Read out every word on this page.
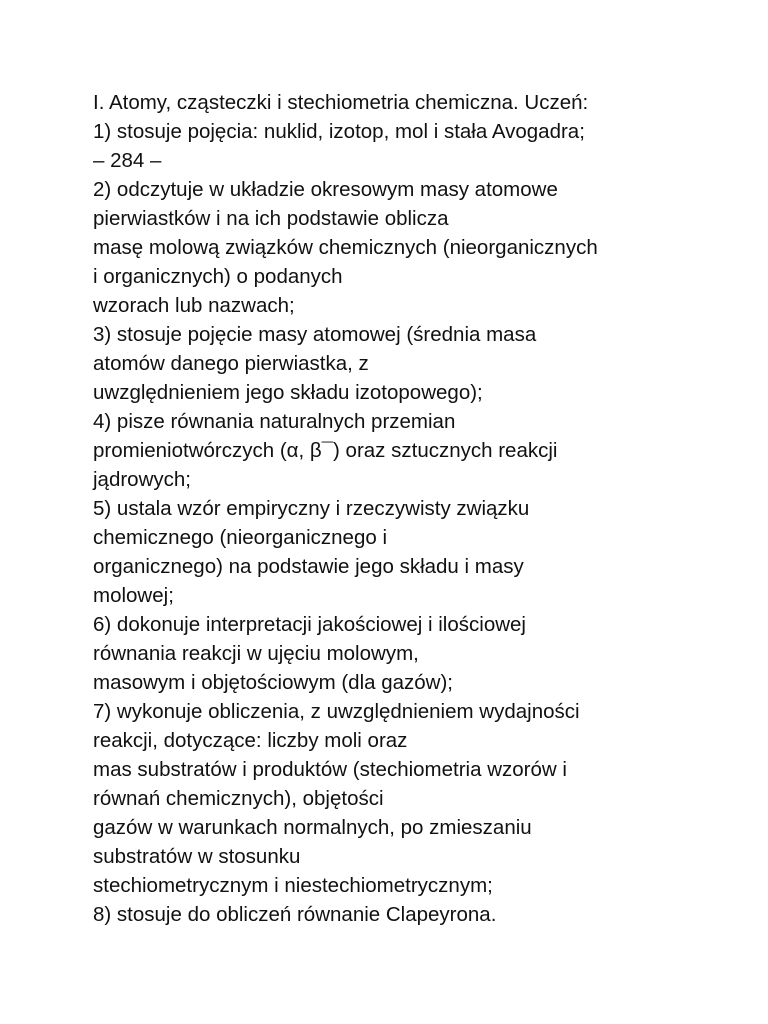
I. Atomy, cząsteczki i stechiometria chemiczna. Uczeń:
1) stosuje pojęcia: nuklid, izotop, mol i stała Avogadra;
– 284 –
2) odczytuje w układzie okresowym masy atomowe
pierwiastków i na ich podstawie oblicza
masę molową związków chemicznych (nieorganicznych
i organicznych) o podanych
wzorach lub nazwach;
3) stosuje pojęcie masy atomowej (średnia masa
atomów danego pierwiastka, z
uwzględnieniem jego składu izotopowego);
4) pisze równania naturalnych przemian
promieniotwórczych (α, β¯) oraz sztucznych reakcji
jądrowych;
5) ustala wzór empiryczny i rzeczywisty związku
chemicznego (nieorganicznego i
organicznego) na podstawie jego składu i masy
molowej;
6) dokonuje interpretacji jakościowej i ilościowej
równania reakcji w ujęciu molowym,
masowym i objętościowym (dla gazów);
7) wykonuje obliczenia, z uwzględnieniem wydajności
reakcji, dotyczące: liczby moli oraz
mas substratów i produktów (stechiometria wzorów i
równań chemicznych), objętości
gazów w warunkach normalnych, po zmieszaniu
substratów w stosunku
stechiometrycznym i niestechiometrycznym;
8) stosuje do obliczeń równanie Clapeyrona.
